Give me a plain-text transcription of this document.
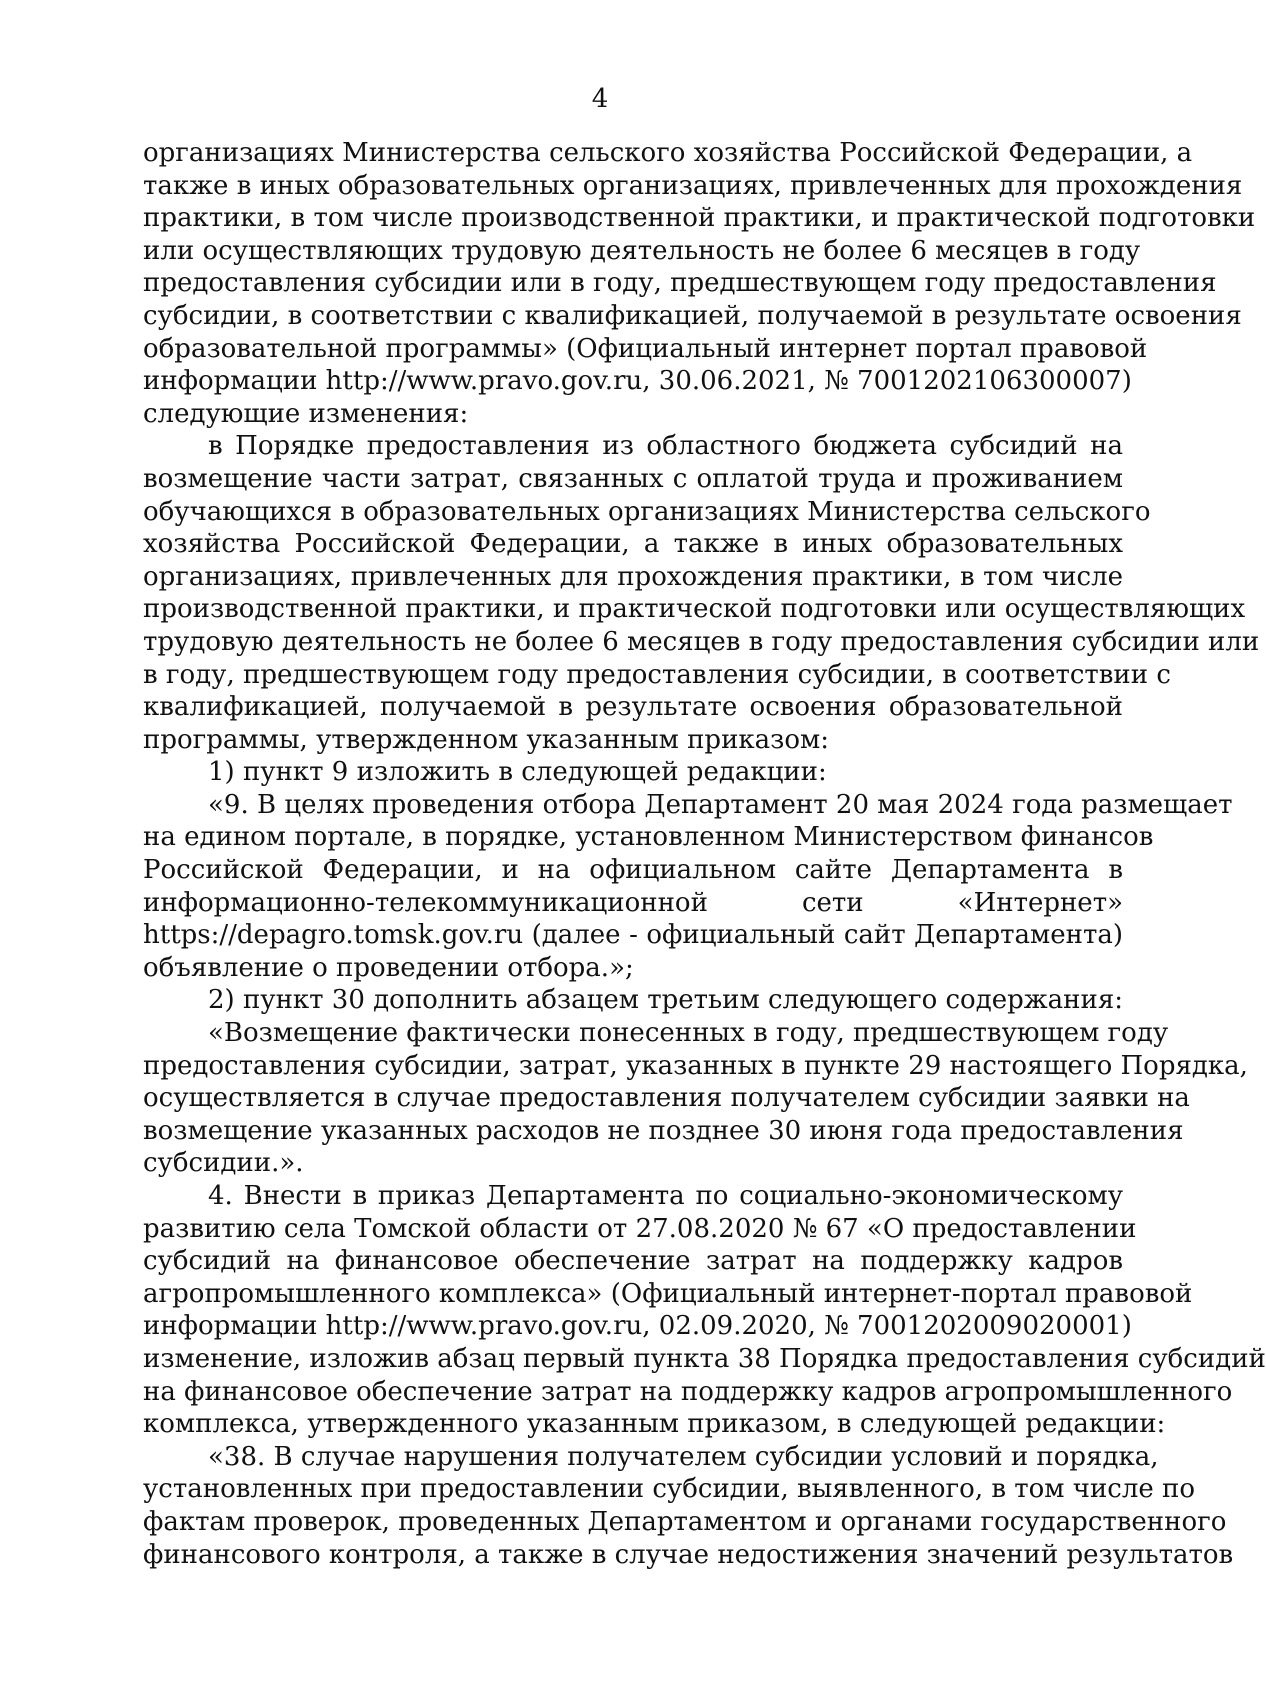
4
организациях Министерства сельского хозяйства Российской Федерации, а
также в иных образовательных организациях, привлеченных для прохождения
практики, в том числе производственной практики, и практической подготовки
или осуществляющих трудовую деятельность не более 6 месяцев в году
предоставления субсидии или в году, предшествующем году предоставления
субсидии, в соответствии с квалификацией, получаемой в результате освоения
образовательной программы» (Официальный интернет портал правовой
информации http://www.pravo.gov.ru, 30.06.2021, № 7001202106300007)
следующие изменения:
в Порядке предоставления из областного бюджета субсидий на
возмещение части затрат, связанных с оплатой труда и проживанием
обучающихся в образовательных организациях Министерства сельского
хозяйства Российской Федерации, а также в иных образовательных
организациях, привлеченных для прохождения практики, в том числе
производственной практики, и практической подготовки или осуществляющих
трудовую деятельность не более 6 месяцев в году предоставления субсидии или
в году, предшествующем году предоставления субсидии, в соответствии с
квалификацией, получаемой в результате освоения образовательной
программы, утвержденном указанным приказом:
1) пункт 9 изложить в следующей редакции:
«9. В целях проведения отбора Департамент 20 мая 2024 года размещает
на едином портале, в порядке, установленном Министерством финансов
Российской Федерации, и на официальном сайте Департамента в
информационно-телекоммуникационной сети «Интернет»
https://depagro.tomsk.gov.ru (далее - официальный сайт Департамента)
объявление о проведении отбора.»;
2) пункт 30 дополнить абзацем третьим следующего содержания:
«Возмещение фактически понесенных в году, предшествующем году
предоставления субсидии, затрат, указанных в пункте 29 настоящего Порядка,
осуществляется в случае предоставления получателем субсидии заявки на
возмещение указанных расходов не позднее 30 июня года предоставления
субсидии.».
4. Внести в приказ Департамента по социально-экономическому
развитию села Томской области от 27.08.2020 № 67 «О предоставлении
субсидий на финансовое обеспечение затрат на поддержку кадров
агропромышленного комплекса» (Официальный интернет-портал правовой
информации http://www.pravo.gov.ru, 02.09.2020, № 7001202009020001)
изменение, изложив абзац первый пункта 38 Порядка предоставления субсидий
на финансовое обеспечение затрат на поддержку кадров агропромышленного
комплекса, утвержденного указанным приказом, в следующей редакции:
«38. В случае нарушения получателем субсидии условий и порядка,
установленных при предоставлении субсидии, выявленного, в том числе по
фактам проверок, проведенных Департаментом и органами государственного
финансового контроля, а также в случае недостижения значений результатов
